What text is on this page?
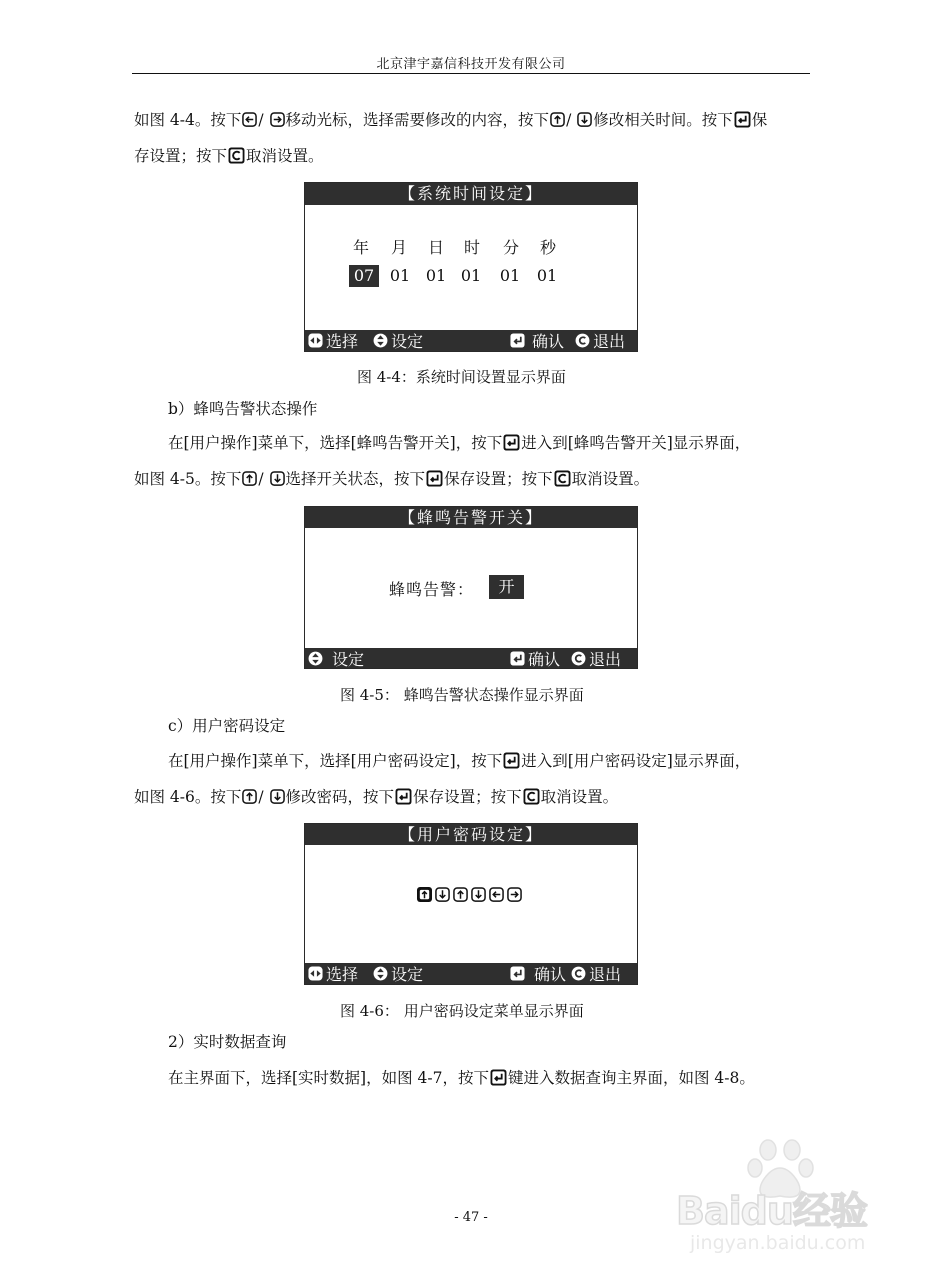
北京津宇嘉信科技开发有限公司
如图 4-4。按下 /
移动光标，选择需要修改的内容，按下 /
修改相关时间。按下 保
存设置；按下 取消设置。
【系统时间设定】
年 月 日 时 分 秒
07 01 01 01	01	01
选择 设定	确认 退出
图 4-4：系统时间设置显示界面
b）蜂鸣告警状态操作
在[用户操作]菜单下，选择[蜂鸣告警开关]，按下 进入到[蜂鸣告警开关]显示界面，
如图 4-5。按下 /
选择开关状态，按下 保存设置；按下 取消设置。
【蜂鸣告警开关】
蜂鸣告警：	开
设定	确认 退出
图 4-5： 蜂鸣告警状态操作显示界面
c）用户密码设定
在[用户操作]菜单下，选择[用户密码设定]，按下 进入到[用户密码设定]显示界面，
如图 4-6。按下 /
修改密码，按下 保存设置；按下 取消设置。
【用户密码设定】
选择 设定	确认 退出
图 4-6： 用户密码设定菜单显示界面
2）实时数据查询
在主界面下，选择[实时数据]，如图 4-7，按下 键进入数据查询主界面，如图 4-8。
- 47 -	Baidu经验
jingyan.baidu.com
